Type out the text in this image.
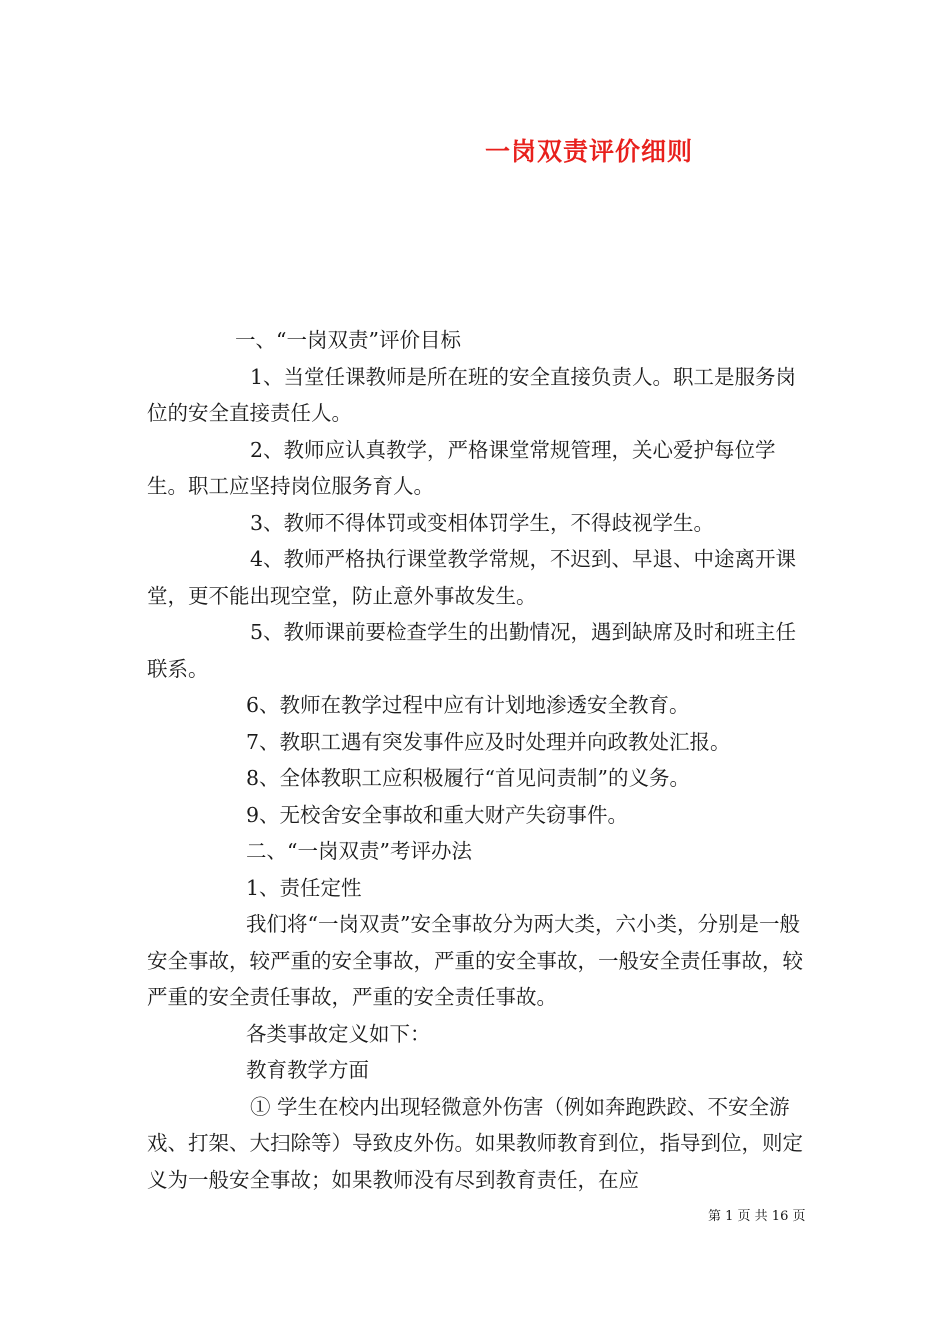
一岗双责评价细则

一、“一岗双责”评价目标

1、当堂任课教师是所在班的安全直接负责人。职工是服务岗位的安全直接责任人。

2、教师应认真教学，严格课堂常规管理，关心爱护每位学生。职工应坚持岗位服务育人。

3、教师不得体罚或变相体罚学生，不得歧视学生。

4、教师严格执行课堂教学常规，不迟到、早退、中途离开课堂，更不能出现空堂，防止意外事故发生。

5、教师课前要检查学生的出勤情况，遇到缺席及时和班主任联系。

6、教师在教学过程中应有计划地渗透安全教育。

7、教职工遇有突发事件应及时处理并向政教处汇报。

8、全体教职工应积极履行“首见问责制”的义务。

9、无校舍安全事故和重大财产失窃事件。

二、“一岗双责”考评办法

1、责任定性

我们将“一岗双责”安全事故分为两大类，六小类，分别是一般安全事故，较严重的安全事故，严重的安全事故，一般安全责任事故，较严重的安全责任事故，严重的安全责任事故。

各类事故定义如下：

教育教学方面

① 学生在校内出现轻微意外伤害（例如奔跑跌跤、不安全游戏、打架、大扫除等）导致皮外伤。如果教师教育到位，指导到位，则定义为一般安全事故；如果教师没有尽到教育责任，在应

第 1 页 共 16 页
